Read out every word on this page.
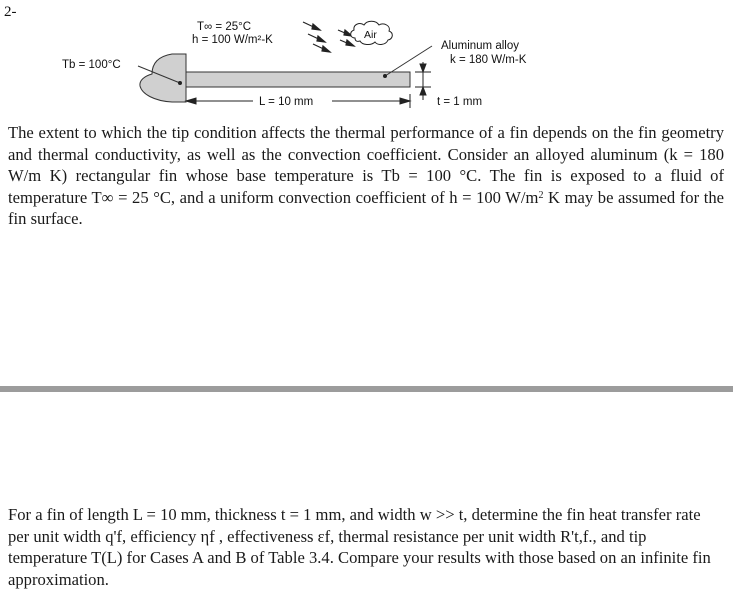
2-
T∞ = 25°C
h = 100 W/m²-K	Air
Tb = 100°C
Aluminum alloy
k = 180 W/m-K
L = 10 mm	t = 1 mm
The extent to which the tip condition affects the thermal performance of a fin depends on the fin geometry and thermal conductivity, as well as the convection coefficient. Consider an alloyed aluminum (k = 180 W/m K) rectangular fin whose base temperature is Tb = 100 °C. The fin is exposed to a fluid of temperature T∞ = 25 °C, and a uniform convection coefficient of h = 100 $W/m^2$ K may be assumed for the fin surface.
For a fin of length L = 10 mm, thickness t = 1 mm, and width w >> t, determine the fin heat transfer rate per unit width q'f, efficiency ηf , effectiveness εf, thermal resistance per unit width R't,f., and tip temperature T(L) for Cases A and B of Table 3.4. Compare your results with those based on an infinite fin approximation.
